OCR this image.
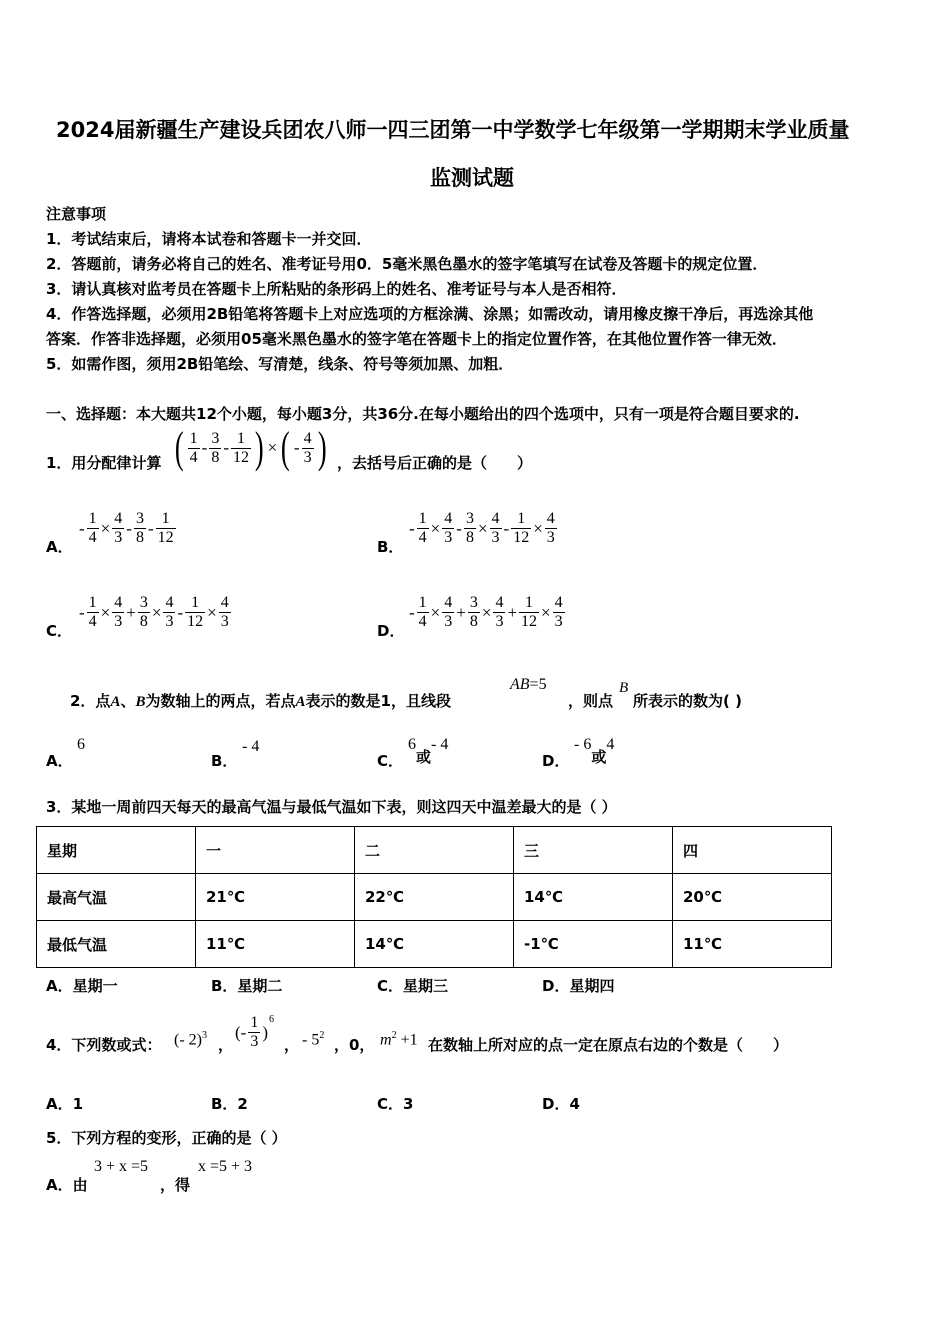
2024届新疆生产建设兵团农八师一四三团第一中学数学七年级第一学期期末学业质量
监测试题
注意事项
1．考试结束后，请将本试卷和答题卡一并交回．
2．答题前，请务必将自己的姓名、准考证号用0．5毫米黑色墨水的签字笔填写在试卷及答题卡的规定位置．
3．请认真核对监考员在答题卡上所粘贴的条形码上的姓名、准考证号与本人是否相符．
4．作答选择题，必须用2B铅笔将答题卡上对应选项的方框涂满、涂黑；如需改动，请用橡皮擦干净后，再选涂其他
答案．作答非选择题，必须用05毫米黑色墨水的签字笔在答题卡上的指定位置作答，在其他位置作答一律无效．
5．如需作图，须用2B铅笔绘、写清楚，线条、符号等须加黑、加粗．
一、选择题：本大题共12个小题，每小题3分，共36分.在每小题给出的四个选项中，只有一项是符合题目要求的.
1．用分配律计算 ( $\frac{1}{4} - \frac{3}{8} - \frac{1}{12}$ ) × ( - $\frac{4}{3}$ ) ，去括号后正确的是（　　）
A．
- $\frac{1}{4} \times \frac{4}{3} - \frac{3}{8} - \frac{1}{12}$	B．
- $\frac{1}{4} \times \frac{4}{3} - \frac{3}{8} \times \frac{4}{3} - \frac{1}{12} \times \frac{4}{3}$
C．
- $\frac{1}{4} \times \frac{4}{3} + \frac{3}{8} \times \frac{4}{3} - \frac{1}{12} \times \frac{4}{3}$	D．
- $\frac{1}{4} \times \frac{4}{3} + \frac{3}{8} \times \frac{4}{3} + \frac{1}{12} \times \frac{4}{3}$
2．点A、B为数轴上的两点，若点A表示的数是1，且线段
AB=5
，则点
B
所表示的数为( )
A．
6
B．
- 4
C．
6或- 4
D．
- 6或4
3．某地一周前四天每天的最高气温与最低气温如下表，则这四天中温差最大的是（ ）
星期	一	二	三	四
最高气温	21℃	22℃	14℃	20℃
最低气温	11℃	14℃	-1℃	11℃
A．星期一	B．星期二	C．星期三	D．星期四
4．下列数或式： (- 2)$^3$
，
(- $\frac{1}{3}$ )
$^6$
， - $5^2$
，0， $m^2 +1$ 在数轴上所对应的点一定在原点右边的个数是（　　）
A．1	B．2	C．3	D．4
5．下列方程的变形，正确的是（ ）
A．由
3 + x =5
，得
x =5 + 3
